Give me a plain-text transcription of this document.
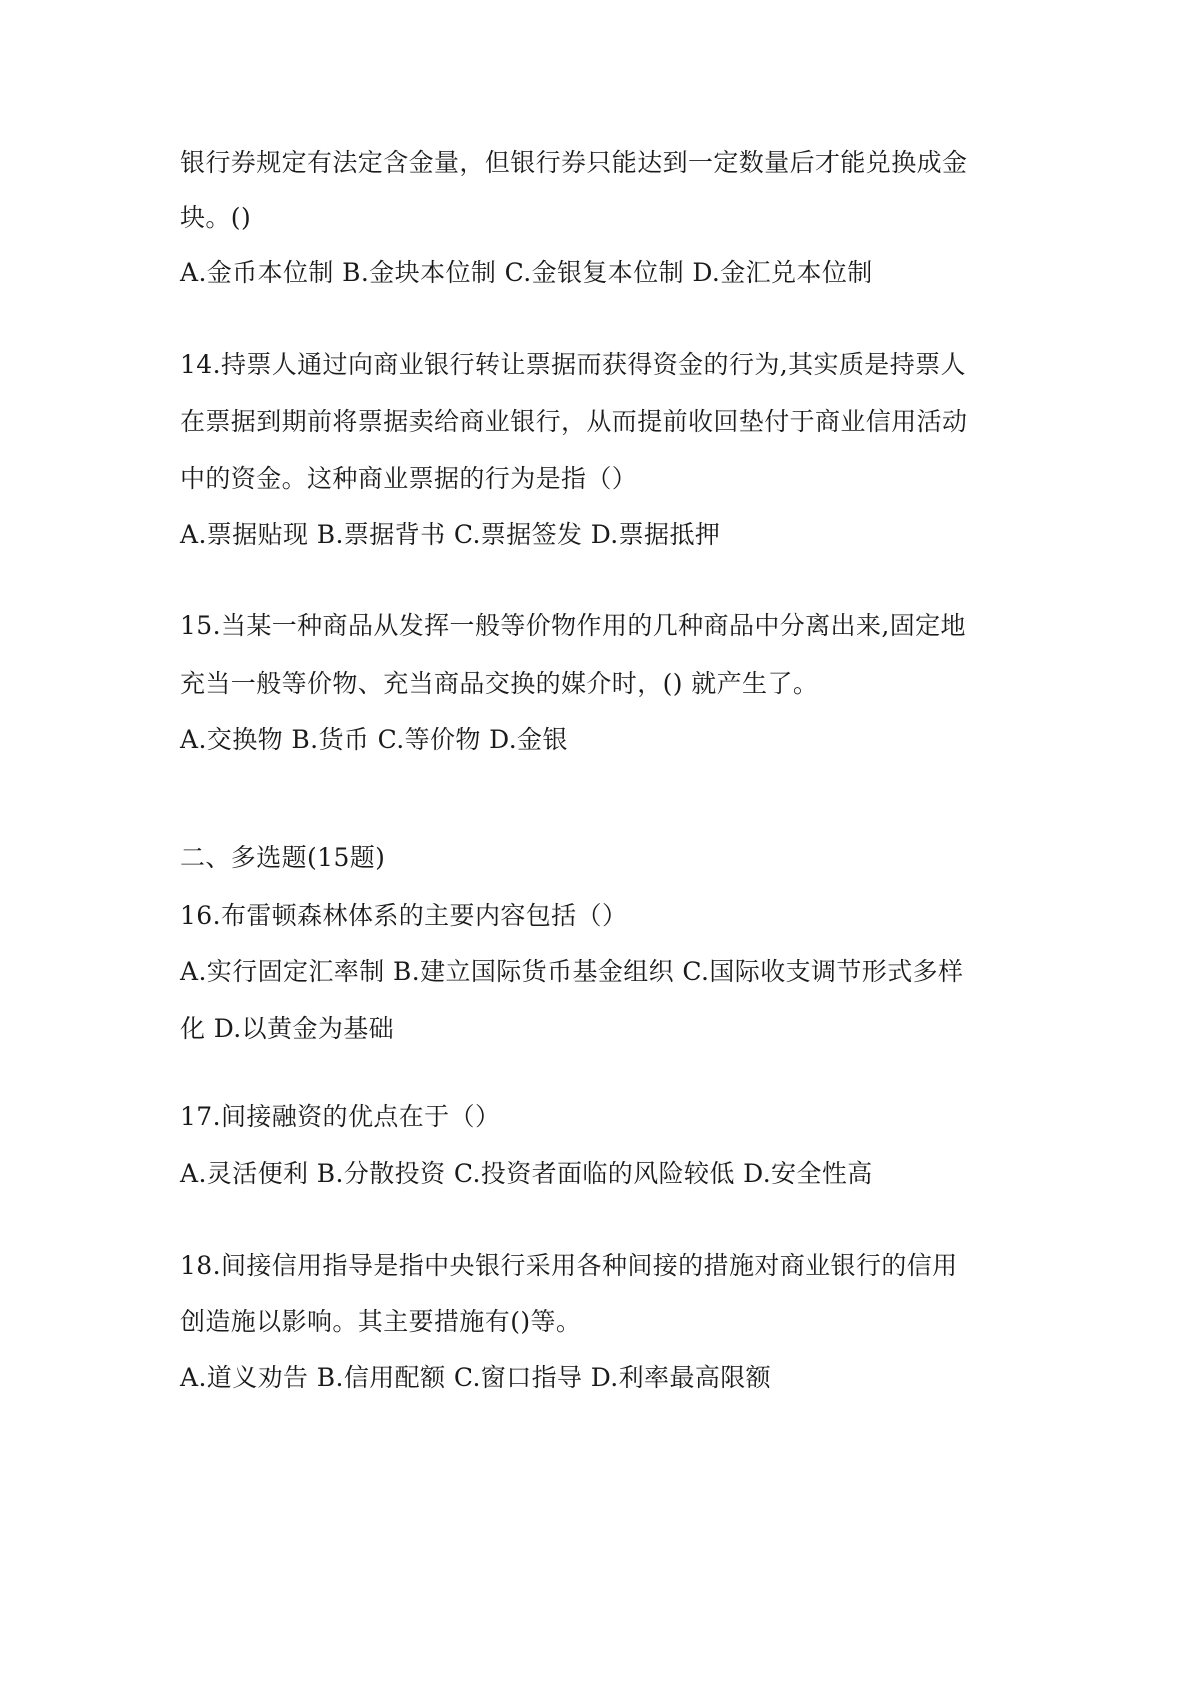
银行券规定有法定含金量，但银行券只能达到一定数量后才能兑换成金
块。()
A.金币本位制 B.金块本位制 C.金银复本位制 D.金汇兑本位制
14.持票人通过向商业银行转让票据而获得资金的行为,其实质是持票人
在票据到期前将票据卖给商业银行，从而提前收回垫付于商业信用活动
中的资金。这种商业票据的行为是指（）
A.票据贴现 B.票据背书 C.票据签发 D.票据抵押
15.当某一种商品从发挥一般等价物作用的几种商品中分离出来,固定地
充当一般等价物、充当商品交换的媒介时，() 就产生了。
A.交换物 B.货币 C.等价物 D.金银
二、多选题(15题)
16.布雷顿森林体系的主要内容包括（）
A.实行固定汇率制 B.建立国际货币基金组织 C.国际收支调节形式多样
化 D.以黄金为基础
17.间接融资的优点在于（）
A.灵活便利 B.分散投资 C.投资者面临的风险较低 D.安全性高
18.间接信用指导是指中央银行采用各种间接的措施对商业银行的信用
创造施以影响。其主要措施有()等。
A.道义劝告 B.信用配额 C.窗口指导 D.利率最高限额
